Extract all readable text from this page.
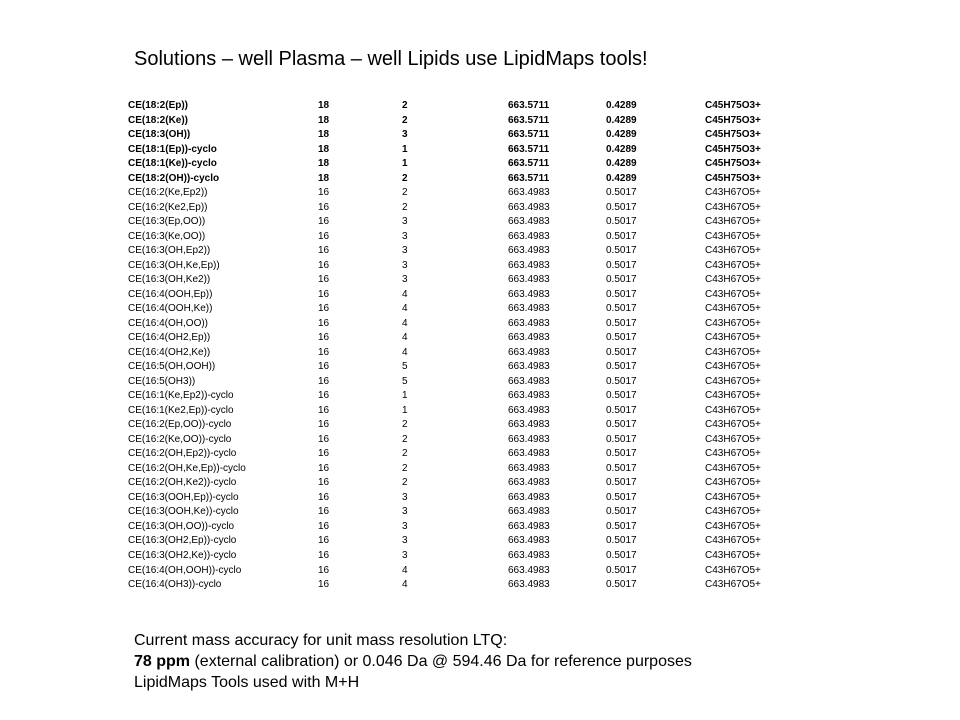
Solutions – well Plasma – well Lipids use LipidMaps tools!
CE(18:2(Ep))	18	2	663.5711	0.4289	C45H75O3+
CE(18:2(Ke))	18	2	663.5711	0.4289	C45H75O3+
CE(18:3(OH))	18	3	663.5711	0.4289	C45H75O3+
CE(18:1(Ep))-cyclo	18	1	663.5711	0.4289	C45H75O3+
CE(18:1(Ke))-cyclo	18	1	663.5711	0.4289	C45H75O3+
CE(18:2(OH))-cyclo	18	2	663.5711	0.4289	C45H75O3+
CE(16:2(Ke,Ep2))	16	2	663.4983	0.5017	C43H67O5+
CE(16:2(Ke2,Ep))	16	2	663.4983	0.5017	C43H67O5+
CE(16:3(Ep,OO))	16	3	663.4983	0.5017	C43H67O5+
CE(16:3(Ke,OO))	16	3	663.4983	0.5017	C43H67O5+
CE(16:3(OH,Ep2))	16	3	663.4983	0.5017	C43H67O5+
CE(16:3(OH,Ke,Ep))	16	3	663.4983	0.5017	C43H67O5+
CE(16:3(OH,Ke2))	16	3	663.4983	0.5017	C43H67O5+
CE(16:4(OOH,Ep))	16	4	663.4983	0.5017	C43H67O5+
CE(16:4(OOH,Ke))	16	4	663.4983	0.5017	C43H67O5+
CE(16:4(OH,OO))	16	4	663.4983	0.5017	C43H67O5+
CE(16:4(OH2,Ep))	16	4	663.4983	0.5017	C43H67O5+
CE(16:4(OH2,Ke))	16	4	663.4983	0.5017	C43H67O5+
CE(16:5(OH,OOH))	16	5	663.4983	0.5017	C43H67O5+
CE(16:5(OH3))	16	5	663.4983	0.5017	C43H67O5+
CE(16:1(Ke,Ep2))-cyclo	16	1	663.4983	0.5017	C43H67O5+
CE(16:1(Ke2,Ep))-cyclo	16	1	663.4983	0.5017	C43H67O5+
CE(16:2(Ep,OO))-cyclo	16	2	663.4983	0.5017	C43H67O5+
CE(16:2(Ke,OO))-cyclo	16	2	663.4983	0.5017	C43H67O5+
CE(16:2(OH,Ep2))-cyclo	16	2	663.4983	0.5017	C43H67O5+
CE(16:2(OH,Ke,Ep))-cyclo	16	2	663.4983	0.5017	C43H67O5+
CE(16:2(OH,Ke2))-cyclo	16	2	663.4983	0.5017	C43H67O5+
CE(16:3(OOH,Ep))-cyclo	16	3	663.4983	0.5017	C43H67O5+
CE(16:3(OOH,Ke))-cyclo	16	3	663.4983	0.5017	C43H67O5+
CE(16:3(OH,OO))-cyclo	16	3	663.4983	0.5017	C43H67O5+
CE(16:3(OH2,Ep))-cyclo	16	3	663.4983	0.5017	C43H67O5+
CE(16:3(OH2,Ke))-cyclo	16	3	663.4983	0.5017	C43H67O5+
CE(16:4(OH,OOH))-cyclo	16	4	663.4983	0.5017	C43H67O5+
CE(16:4(OH3))-cyclo	16	4	663.4983	0.5017	C43H67O5+
Current mass accuracy for unit mass resolution LTQ:
78 ppm (external calibration) or 0.046 Da @ 594.46 Da for reference purposes
LipidMaps Tools used with M+H
